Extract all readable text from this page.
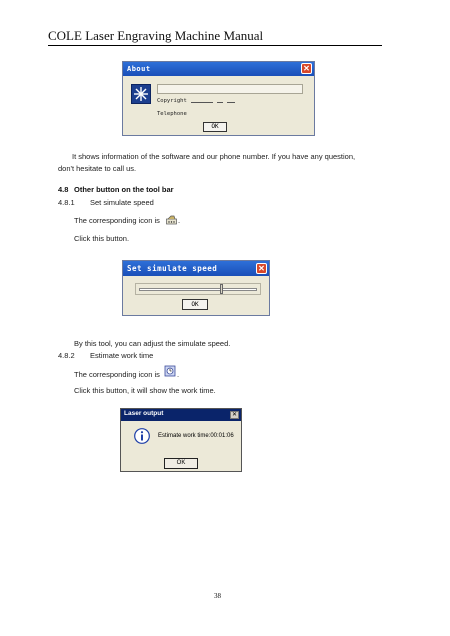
COLE Laser Engraving Machine Manual
About	✕
Copyright
Telephone
OK
It shows information of the software and our phone number. If you have any question,
don't hesitate to call us.
4.8 Other button on the tool bar
4.8.1 Set simulate speed
The corresponding icon is .
Click this button.
Set simulate speed	✕
OK
By this tool, you can adjust the simulate speed.
4.8.2 Estimate work time
The corresponding icon is .
Click this button, it will show the work time.
Laser output	✕
Estimate work time:00:01:06
OK
38
